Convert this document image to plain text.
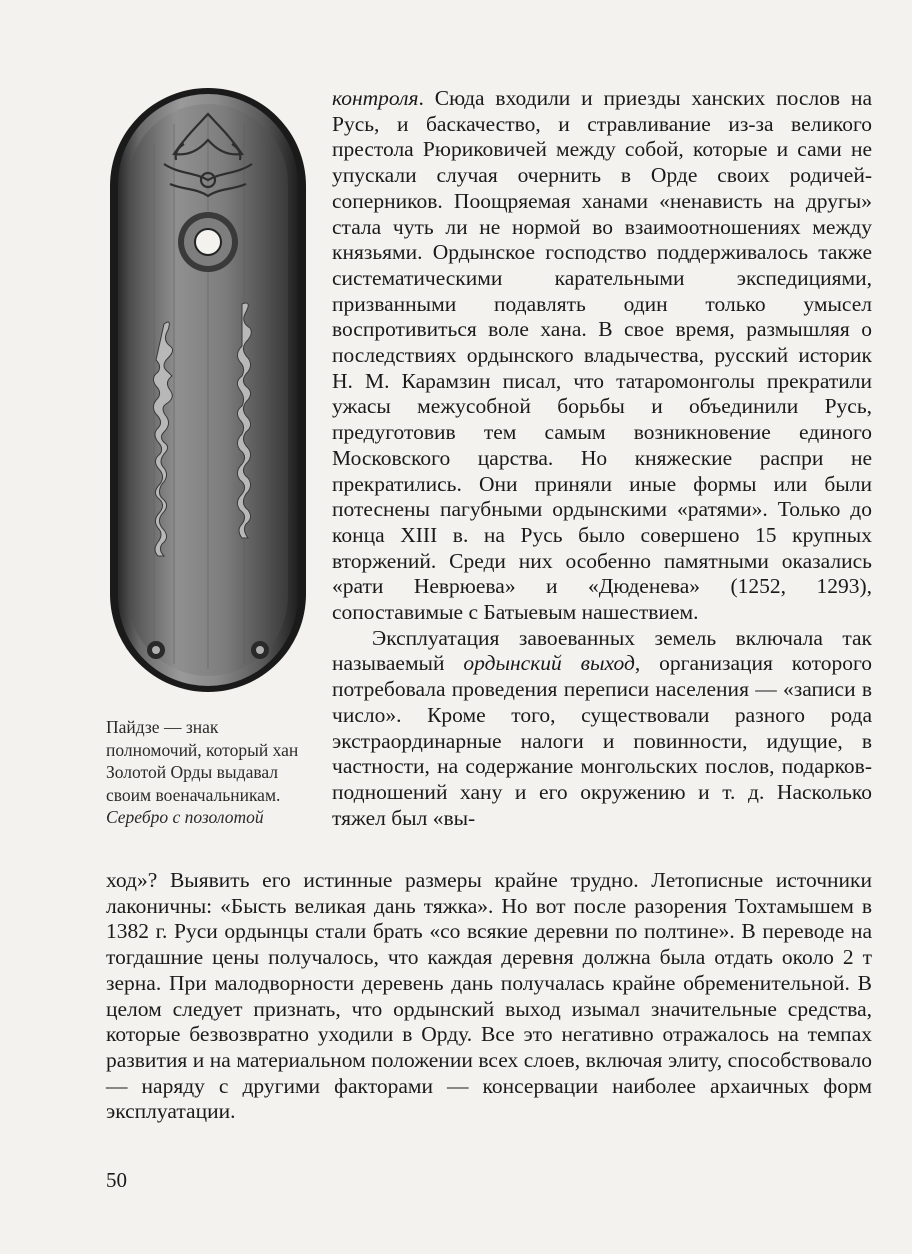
Пайдзе — знак полномочий, который хан Золотой Орды выдавал своим военачальникам. Серебро с позолотой

контроля. Сюда входили и приезды ханских послов на Русь, и баскачество, и стравливание из-за великого престола Рюриковичей между собой, которые и сами не упускали случая очернить в Орде своих родичей-соперников. Поощряемая ханами «ненависть на другы» стала чуть ли не нормой во взаимоотношениях между князьями. Ордынское господство поддерживалось также систематическими карательными экспедициями, призванными подавлять один только умысел воспротивиться воле хана. В свое время, размышляя о последствиях ордынского владычества, русский историк Н. М. Карамзин писал, что татаромонголы прекратили ужасы межусобной борьбы и объединили Русь, предуготовив тем самым возникновение единого Московского царства. Но княжеские распри не прекратились. Они приняли иные формы или были потеснены пагубными ордынскими «ратями». Только до конца XIII в. на Русь было совершено 15 крупных вторжений. Среди них особенно памятными оказались «рати Неврюева» и «Дюденева» (1252, 1293), сопоставимые с Батыевым нашествием.

Эксплуатация завоеванных земель включала так называемый ордынский выход, организация которого потребовала проведения переписи населения — «записи в число». Кроме того, существовали разного рода экстраординарные налоги и повинности, идущие, в частности, на содержание монгольских послов, подарков-подношений хану и его окружению и т. д. Насколько тяжел был «вы-

ход»? Выявить его истинные размеры крайне трудно. Летописные источники лаконичны: «Бысть великая дань тяжка». Но вот после разорения Тохтамышем в 1382 г. Руси ордынцы стали брать «со всякие деревни по полтине». В переводе на тогдашние цены получалось, что каждая деревня должна была отдать около 2 т зерна. При малодворности деревень дань получалась крайне обременительной. В целом следует признать, что ордынский выход изымал значительные средства, которые безвозвратно уходили в Орду. Все это негативно отражалось на темпах развития и на материальном положении всех слоев, включая элиту, способствовало — наряду с другими факторами — консервации наиболее архаичных форм эксплуатации.

50
